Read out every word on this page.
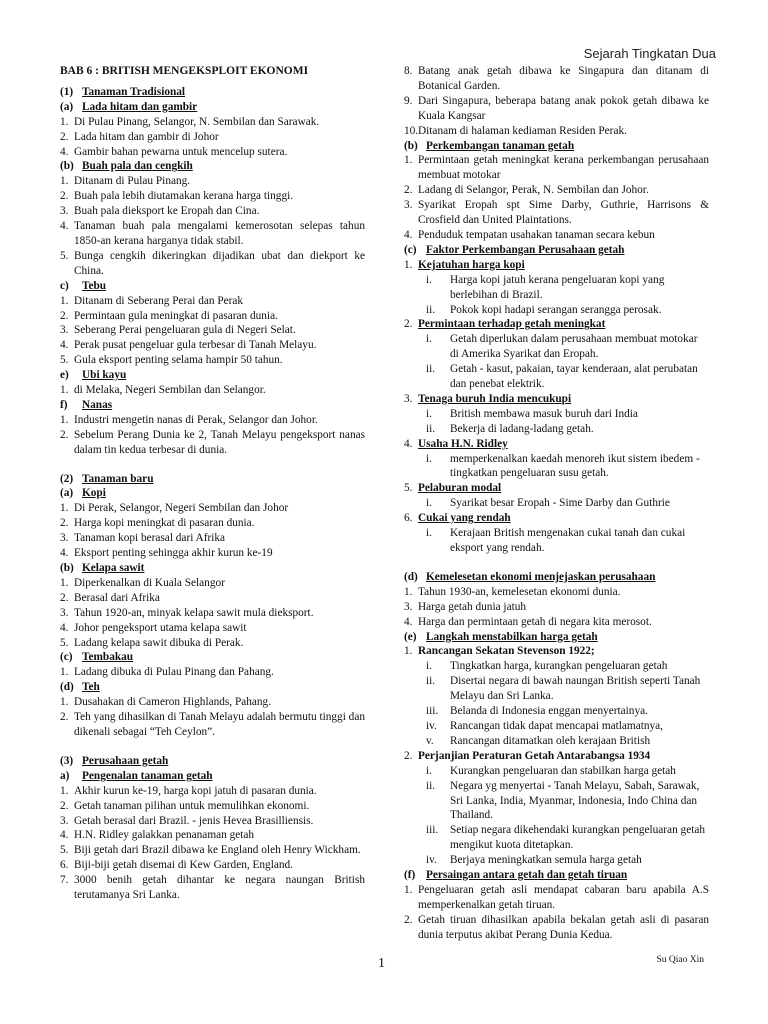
Sejarah Tingkatan Dua

BAB 6 : BRITISH MENGEKSPLOIT EKONOMI

(1) Tanaman Tradisional

(a) Lada hitam dan gambir

1. Di Pulau Pinang, Selangor, N. Sembilan dan Sarawak.

2. Lada hitam dan gambir di Johor

4. Gambir bahan pewarna untuk mencelup sutera.

(b) Buah pala dan cengkih

1. Ditanam di Pulau Pinang.

2. Buah pala lebih diutamakan kerana harga tinggi.

3. Buah pala dieksport ke Eropah dan Cina.

4. Tanaman buah pala mengalami kemerosotan selepas tahun 1850-an kerana harganya tidak stabil.

5. Bunga cengkih dikeringkan dijadikan ubat dan diekport ke China.

c) Tebu

1. Ditanam di Seberang Perai dan Perak

2. Permintaan gula meningkat di pasaran dunia.

3. Seberang Perai pengeluaran gula di Negeri Selat.

4. Perak pusat pengeluar gula terbesar di Tanah Melayu.

5. Gula eksport penting selama hampir 50 tahun.

e) Ubi kayu

1. di Melaka, Negeri Sembilan dan Selangor.

f) Nanas

1. Industri mengetin nanas di Perak, Selangor dan Johor.

2. Sebelum Perang Dunia ke 2, Tanah Melayu pengeksport nanas dalam tin kedua terbesar di dunia.

(2) Tanaman baru

(a) Kopi

1. Di Perak, Selangor, Negeri Sembilan dan Johor

2. Harga kopi meningkat di pasaran dunia.

3. Tanaman kopi berasal dari Afrika

4. Eksport penting sehingga akhir kurun ke-19

(b) Kelapa sawit

1. Diperkenalkan di Kuala Selangor

2. Berasal dari Afrika

3. Tahun 1920-an, minyak kelapa sawit mula dieksport.

4. Johor pengeksport utama kelapa sawit

5. Ladang kelapa sawit dibuka di Perak.

(c) Tembakau

1. Ladang dibuka di Pulau Pinang dan Pahang.

(d) Teh

1. Dusahakan di Cameron Highlands, Pahang.

2. Teh yang dihasilkan di Tanah Melayu adalah bermutu tinggi dan dikenali sebagai “Teh Ceylon”.

(3) Perusahaan getah

a) Pengenalan tanaman getah

1. Akhir kurun ke-19, harga kopi jatuh di pasaran dunia.

2. Getah tanaman pilihan untuk memulihkan ekonomi.

3. Getah berasal dari Brazil. - jenis Hevea Brasilliensis.

4. H.N. Ridley galakkan penanaman getah

5. Biji getah dari Brazil dibawa ke England oleh Henry Wickham.

6. Biji-biji getah disemai di Kew Garden, England.

7. 3000 benih getah dihantar ke negara naungan British terutamanya Sri Lanka.

8. Batang anak getah dibawa ke Singapura dan ditanam di Botanical Garden.

9. Dari Singapura, beberapa batang anak pokok getah dibawa ke Kuala Kangsar

10. Ditanam di halaman kediaman Residen Perak.

(b) Perkembangan tanaman getah

1. Permintaan getah meningkat kerana perkembangan perusahaan membuat motokar

2. Ladang di Selangor, Perak, N. Sembilan dan Johor.

3. Syarikat Eropah spt Sime Darby, Guthrie, Harrisons & Crosfield dan United Plaintations.

4. Penduduk tempatan usahakan tanaman secara kebun

(c) Faktor Perkembangan Perusahaan getah

1. Kejatuhan harga kopi

i. Harga kopi jatuh kerana pengeluaran kopi yang berlebihan di Brazil.

ii. Pokok kopi hadapi serangan serangga perosak.

2. Permintaan terhadap getah meningkat

i. Getah diperlukan dalam perusahaan membuat motokar di Amerika Syarikat dan Eropah.

ii. Getah - kasut, pakaian, tayar kenderaan, alat perubatan dan penebat elektrik.

3. Tenaga buruh India mencukupi

i. British membawa masuk buruh dari India

ii. Bekerja di ladang-ladang getah.

4. Usaha H.N. Ridley

i. memperkenalkan kaedah menoreh ikut sistem ibedem - tingkatkan pengeluaran susu getah.

5. Pelaburan modal

i. Syarikat besar Eropah - Sime Darby dan Guthrie

6. Cukai yang rendah

i. Kerajaan British mengenakan cukai tanah dan cukai eksport yang rendah.

(d) Kemelesetan ekonomi menjejaskan perusahaan

1. Tahun 1930-an, kemelesetan ekonomi dunia.

3. Harga getah dunia jatuh

4. Harga dan permintaan getah di negara kita merosot.

(e) Langkah menstabilkan harga getah

1. Rancangan Sekatan Stevenson 1922;

i. Tingkatkan harga, kurangkan pengeluaran getah

ii. Disertai negara di bawah naungan British seperti Tanah Melayu dan Sri Lanka.

iii. Belanda di Indonesia enggan menyertainya.

iv. Rancangan tidak dapat mencapai matlamatnya,

v. Rancangan ditamatkan oleh kerajaan British

2. Perjanjian Peraturan Getah Antarabangsa 1934

i. Kurangkan pengeluaran dan stabilkan harga getah

ii. Negara yg menyertai - Tanah Melayu, Sabah, Sarawak, Sri Lanka, India, Myanmar, Indonesia, Indo China dan Thailand.

iii. Setiap negara dikehendaki kurangkan pengeluaran getah mengikut kuota ditetapkan.

iv. Berjaya meningkatkan semula harga getah

(f) Persaingan antara getah dan getah tiruan

1. Pengeluaran getah asli mendapat cabaran baru apabila A.S memperkenalkan getah tiruan.

2. Getah tiruan dihasilkan apabila bekalan getah asli di pasaran dunia terputus akibat Perang Dunia Kedua.

1	Su Qiao Xin
